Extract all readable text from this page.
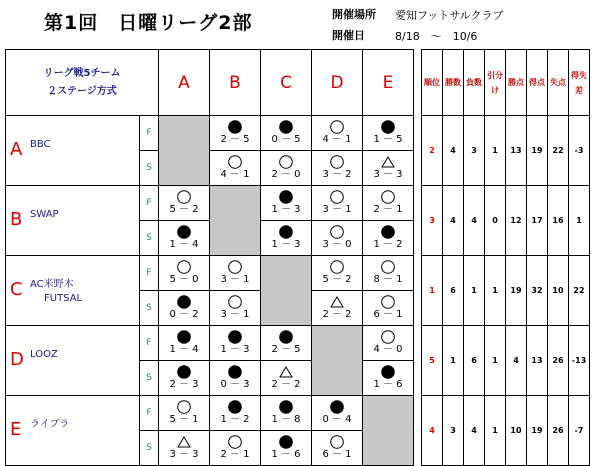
第1回　日曜リーグ2部	開催場所 愛知フットサルクラブ
開催日	8/18　～　10/6
リーグ戦5チーム
２ステージ方式		A	B	C	D	E		順位	勝数	負数	引分け	勝点	得点	失点	得失差

A BBC	F		2 － 5	0 － 5	4 － 1	1 － 5		2	4	3	1	13	19	22	-3
	S		4 － 1	2 － 0	3 － 2	3 － 3									

B SWAP	F	5 － 2		1 － 3	3 － 1	2 － 1		3	4	4	0	12	17	16	1
	S	1 － 4		1 － 3	3 － 0	1 － 2									

C AC米野木
FUTSAL	F	5 － 0	3 － 1		5 － 2	8 － 1		1	6	1	1	19	32	10	22
	S	0 － 2	3 － 1		2 － 2	6 － 1									

D LOOZ	F	1 － 4	1 － 3	2 － 5		4 － 0		5	1	6	1	4	13	26	-13
	S	2 － 3	0 － 3	2 － 2		1 － 6									

E ライブラ	F	5 － 1	1 － 2	1 － 8	0 － 4			4	3	4	1	10	19	26	-7
	S	3 － 3	2 － 1	1 － 6	6 － 1										
